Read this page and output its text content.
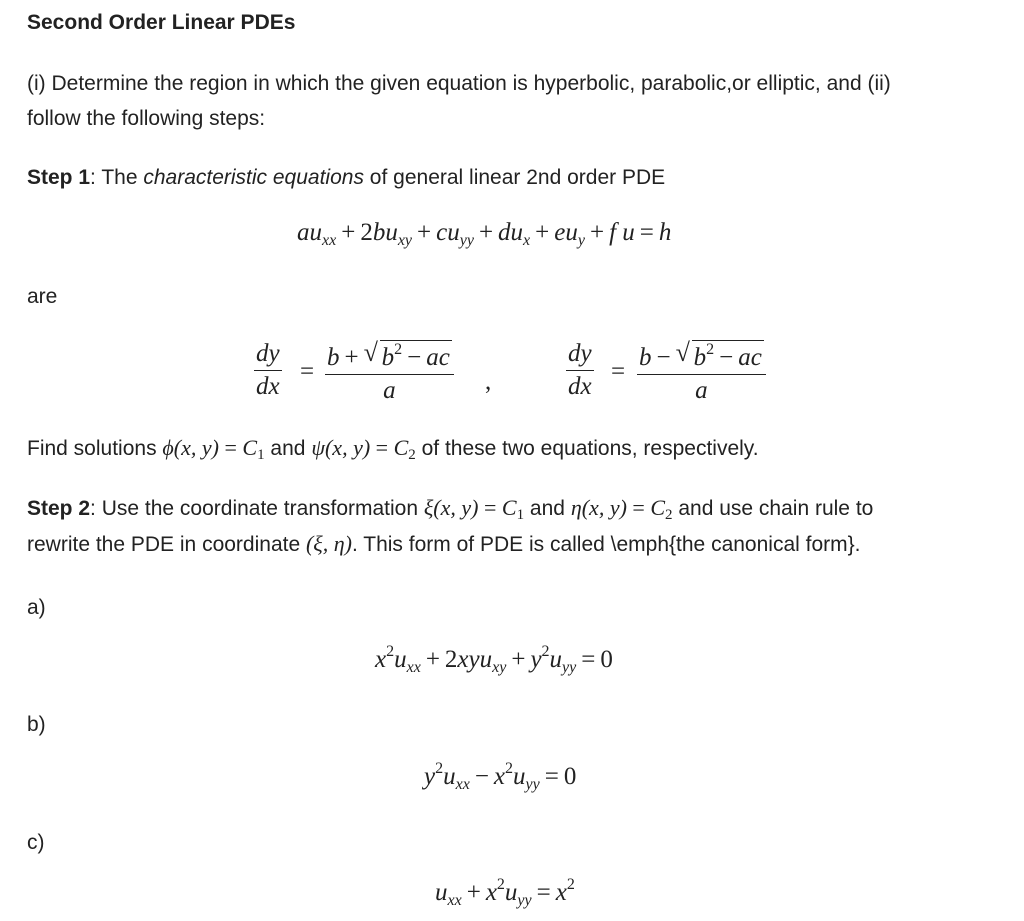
Second Order Linear PDEs
(i) Determine the region in which the given equation is hyperbolic, parabolic,or elliptic, and (ii)
follow the following steps:
Step 1: The characteristic equations of general linear 2nd order PDE
$au_{xx} + 2bu_{xy} + cu_{yy} + du_x + eu_y + f$ u = h
are
dy
dx
=
b + √ $b^2$ − ac
a	,
dy
dx
=
b − √ $b^2$ − ac
a
Find solutions ϕ(x, $y) = C_1$ and ψ(x, $y) = C_2$ of these two equations, respectively.
Step 2: Use the coordinate transformation ξ(x, $y) = C_1$ and η(x, $y) = C_2$ and use chain rule to
rewrite the PDE in coordinate (ξ, η). This form of PDE is called \emph{the canonical form}.
a)
$x^2u_{xx} + 2xyu_{xy} + y^2u_{yy} = 0$
b)
$y^2u_{xx} - x^2u_{yy} = 0$
c)
$u_{xx} + x^2u_{yy} = x^2$
